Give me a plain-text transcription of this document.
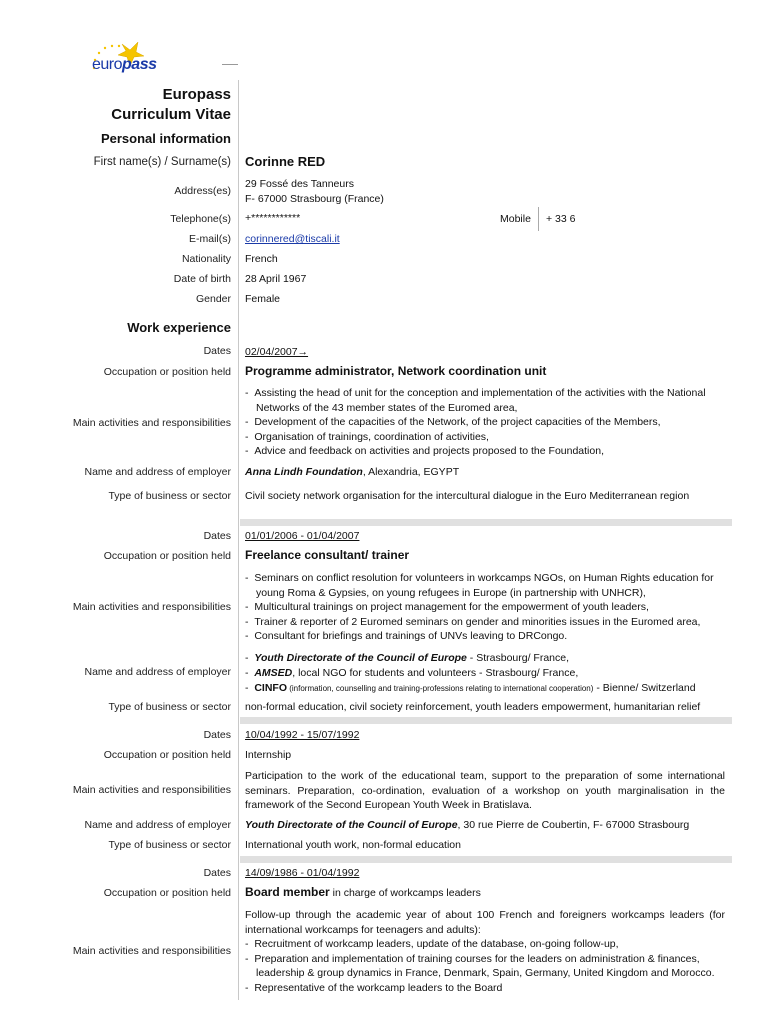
europass
Europass
Curriculum Vitae
Personal information
First name(s) / Surname(s) Corinne RED
Address(es)
29 Fossé des Tanneurs
F- 67000 Strasbourg (France)
Telephone(s) +************	Mobile + 33 6
E-mail(s) corinnered@tiscali.it
Nationality French
Date of birth 28 April 1967
Gender Female
Work experience
Dates 02/04/2007→
Occupation or position held Programme administrator, Network coordination unit
Main activities and responsibilities
-  Assisting the head of unit for the conception and implementation of the activities with the National Networks of the 43 member states of the Euromed area,
-  Development of the capacities of the Network, of the project capacities of the Members,
-  Organisation of trainings, coordination of activities,
-  Advice and feedback on activities and projects proposed to the Foundation,
Name and address of employer Anna Lindh Foundation, Alexandria, EGYPT
Type of business or sector Civil society network organisation for the intercultural dialogue in the Euro Mediterranean region
Dates 01/01/2006 - 01/04/2007
Occupation or position held Freelance consultant/ trainer
Main activities and responsibilities
-  Seminars on conflict resolution for volunteers in workcamps NGOs, on Human Rights education for young Roma & Gypsies, on young refugees in Europe (in partnership with UNHCR),
-  Multicultural trainings on project management for the empowerment of youth leaders,
-  Trainer & reporter of 2 Euromed seminars on gender and minorities issues in the Euromed area,
-  Consultant for briefings and trainings of UNVs leaving to DRCongo.
Name and address of employer
-  Youth Directorate of the Council of Europe - Strasbourg/ France,
-  AMSED, local NGO for students and volunteers - Strasbourg/ France,
-  CINFO (information, counselling and training-professions relating to international cooperation) - Bienne/ Switzerland
Type of business or sector non-formal education, civil society reinforcement, youth leaders empowerment, humanitarian relief
Dates 10/04/1992 - 15/07/1992
Occupation or position held Internship
Main activities and responsibilities
Participation to the work of the educational team, support to the preparation of some international seminars. Preparation, co-ordination, evaluation of a workshop on youth marginalisation in the framework of the Second European Youth Week in Bratislava.
Name and address of employer Youth Directorate of the Council of Europe, 30 rue Pierre de Coubertin, F- 67000 Strasbourg
Type of business or sector International youth work, non-formal education
Dates 14/09/1986 - 01/04/1992
Occupation or position held Board member in charge of workcamps leaders
Main activities and responsibilities
Follow-up through the academic year of about 100 French and foreigners workcamps leaders (for international workcamps for teenagers and adults):
-  Recruitment of workcamp leaders, update of the database, on-going follow-up,
-  Preparation and implementation of training courses for the leaders on administration & finances, leadership & group dynamics in France, Denmark, Spain, Germany, United Kingdom and Morocco.
-  Representative of the workcamp leaders to the Board
